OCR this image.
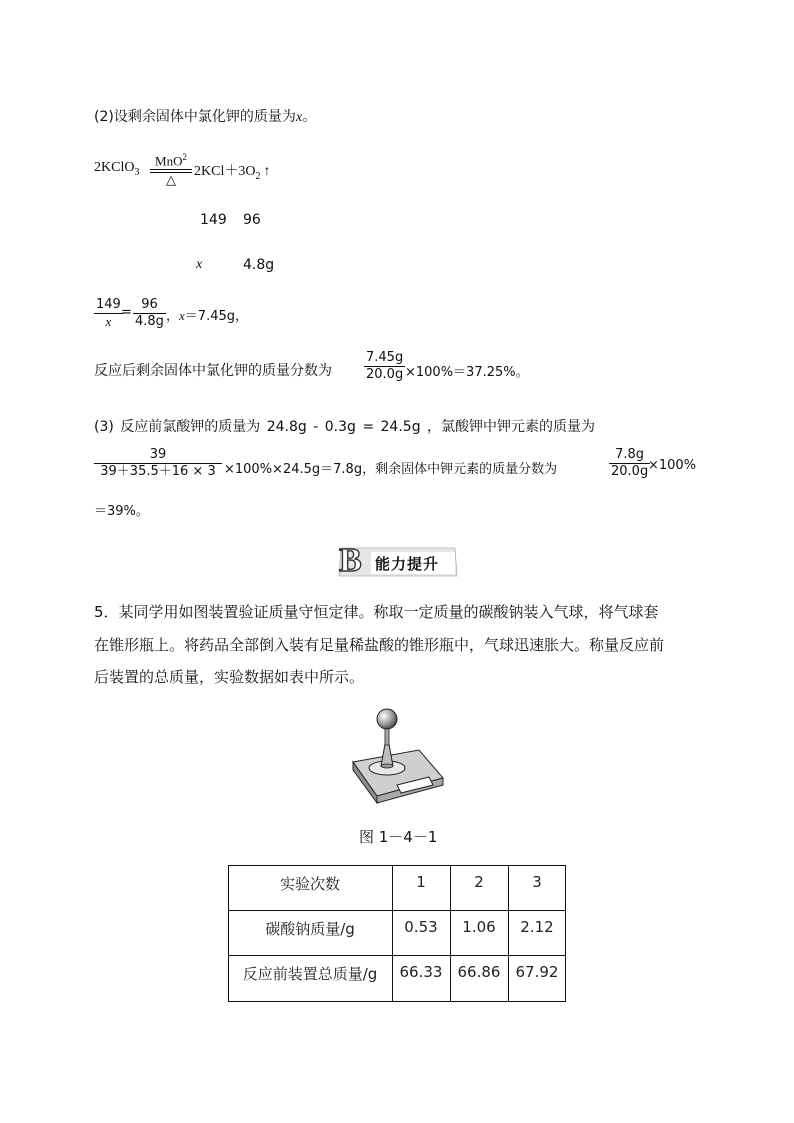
(2)设剩余固体中氯化钾的质量为x。
2KClO$_3$
MnO$^2$
△
$2KCl+3O_2$ ↑
149 96
x	4.8g
$\frac{149}{x}$
= $\frac{96}{4.8g}$ ，x＝7.45g，
反应后剩余固体中氯化钾的质量分数为 $\frac{7.45g}{20.0g} \times 100\%=37.25\%$。
(3) 反应前氯酸钾的质量为 24.8g - 0.3g = 24.5g ，氯酸钾中钾元素的质量为
$\frac{39}{39+35.5+16 \times 3} \times 100\%\times 24.5g=7.8g$，剩余固体中钾元素的质量分数为	$\frac{7.8g}{20.0g}$
×100%
＝39%。
B 能力提升
5．某同学用如图装置验证质量守恒定律。称取一定质量的碳酸钠装入气球，将气球套
在锥形瓶上。将药品全部倒入装有足量稀盐酸的锥形瓶中，气球迅速胀大。称量反应前
后装置的总质量，实验数据如表中所示。
图 1－4－1
实验次数	1	2	3
碳酸钠质量/g	0.53	1.06	2.12
反应前装置总质量/g	66.33	66.86	67.92
